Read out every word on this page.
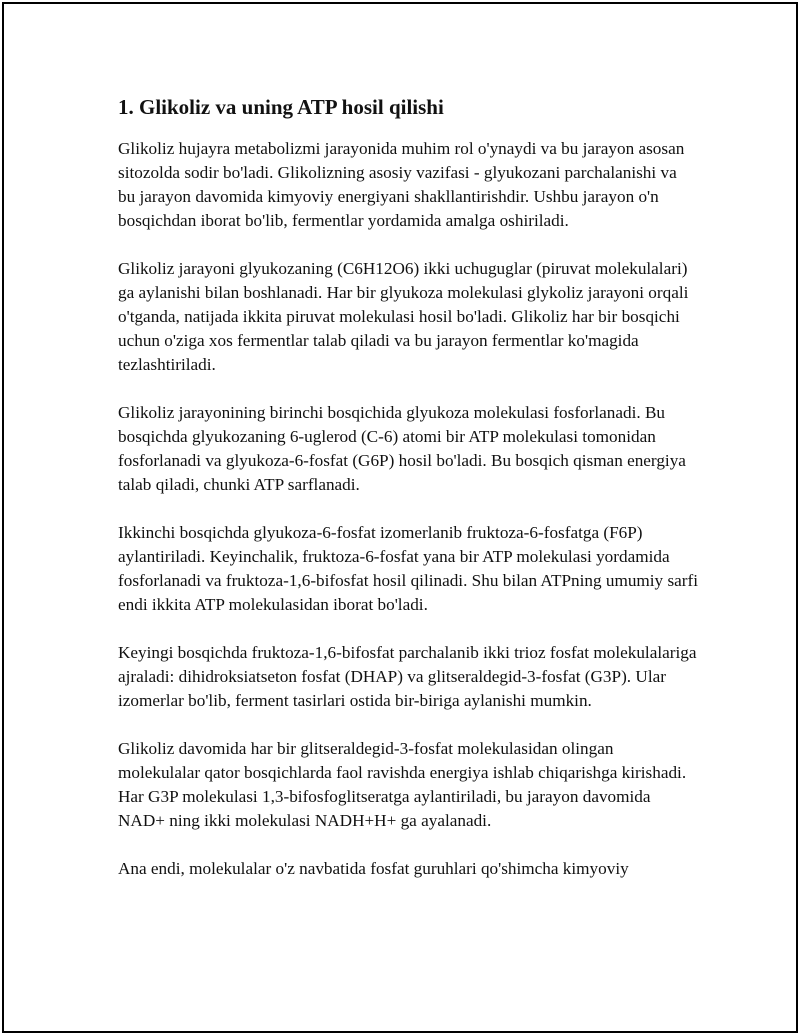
1. Glikoliz va uning ATP hosil qilishi

Glikoliz hujayra metabolizmi jarayonida muhim rol o'ynaydi va bu jarayon asosan sitozolda sodir bo'ladi. Glikolizning asosiy vazifasi - glyukozani parchalanishi va bu jarayon davomida kimyoviy energiyani shakllantirishdir. Ushbu jarayon o'n bosqichdan iborat bo'lib, fermentlar yordamida amalga oshiriladi.

Glikoliz jarayoni glyukozaning (C6H12O6) ikki uchuguglar (piruvat molekulalari) ga aylanishi bilan boshlanadi. Har bir glyukoza molekulasi glykoliz jarayoni orqali o'tganda, natijada ikkita piruvat molekulasi hosil bo'ladi. Glikoliz har bir bosqichi uchun o'ziga xos fermentlar talab qiladi va bu jarayon fermentlar ko'magida tezlashtiriladi.

Glikoliz jarayonining birinchi bosqichida glyukoza molekulasi fosforlanadi. Bu bosqichda glyukozaning 6-uglerod (C-6) atomi bir ATP molekulasi tomonidan fosforlanadi va glyukoza-6-fosfat (G6P) hosil bo'ladi. Bu bosqich qisman energiya talab qiladi, chunki ATP sarflanadi.

Ikkinchi bosqichda glyukoza-6-fosfat izomerlanib fruktoza-6-fosfatga (F6P) aylantiriladi. Keyinchalik, fruktoza-6-fosfat yana bir ATP molekulasi yordamida fosforlanadi va fruktoza-1,6-bifosfat hosil qilinadi. Shu bilan ATPning umumiy sarfi endi ikkita ATP molekulasidan iborat bo'ladi.

Keyingi bosqichda fruktoza-1,6-bifosfat parchalanib ikki trioz fosfat molekulalariga ajraladi: dihidroksiatseton fosfat (DHAP) va glitseraldegid-3-fosfat (G3P). Ular izomerlar bo'lib, ferment tasirlari ostida bir-biriga aylanishi mumkin.

Glikoliz davomida har bir glitseraldegid-3-fosfat molekulasidan olingan molekulalar qator bosqichlarda faol ravishda energiya ishlab chiqarishga kirishadi. Har G3P molekulasi 1,3-bifosfoglitseratga aylantiriladi, bu jarayon davomida NAD+ ning ikki molekulasi NADH+H+ ga ayalanadi.

Ana endi, molekulalar o'z navbatida fosfat guruhlari qo'shimcha kimyoviy
